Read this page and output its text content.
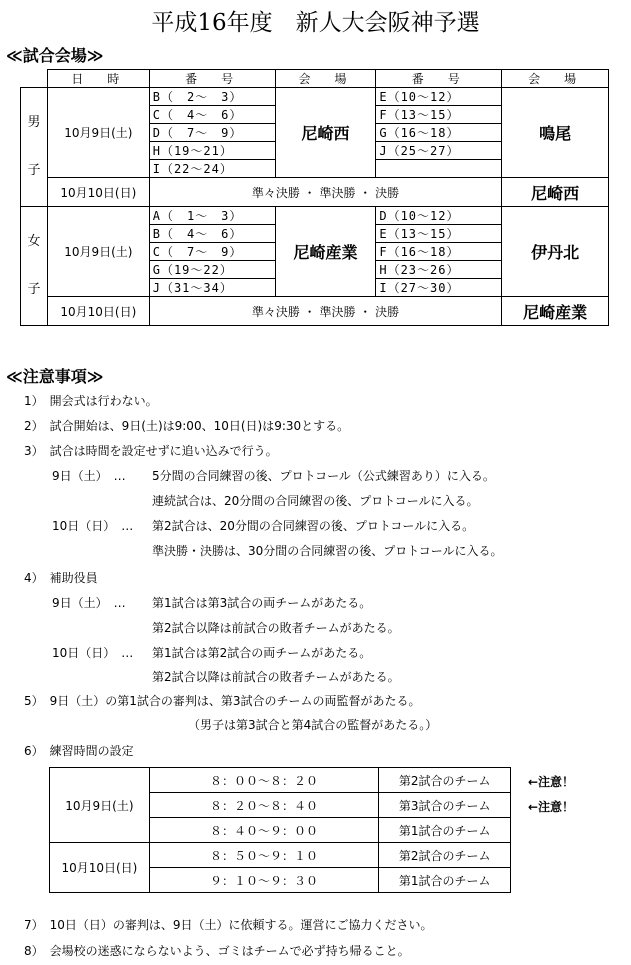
平成16年度　新人大会阪神予選
≪試合会場≫
	日　時	番　号	会　場	番　号	会　場

男
子	10月9日(土)	B（　2～　3）	尼崎西	E（10～12）	鳴尾
		C（　4～　6）		F（13～15）	
		D（　7～　9）		G（16～18）	
		H（19～21）		J（25～27）	
		I（22～24）			
	10月10日(日)	準々決勝 ・ 準決勝 ・ 決勝			尼崎西

女
子	10月9日(土)	A（　1～　3）	尼崎産業	D（10～12）	伊丹北
		B（　4～　6）		E（13～15）	
		C（　7～　9）		F（16～18）	
		G（19～22）		H（23～26）	
		J（31～34）		I（27～30）	
	10月10日(日)	準々決勝 ・ 準決勝 ・ 決勝			尼崎産業
≪注意事項≫
1）　開会式は行わない。
2）　試合開始は、9日(土)は9:00、10日(日)は9:30とする。
3）　試合は時間を設定せずに追い込みで行う。
9日（土）　… 5分間の合同練習の後、プロトコール（公式練習あり）に入る。
連続試合は、20分間の合同練習の後、プロトコールに入る。
10日（日）　… 第2試合は、20分間の合同練習の後、プロトコールに入る。
準決勝・決勝は、30分間の合同練習の後、プロトコールに入る。
4）　補助役員
9日（土）　… 第1試合は第3試合の両チームがあたる。
第2試合以降は前試合の敗者チームがあたる。
10日（日）　… 第1試合は第2試合の両チームがあたる。
第2試合以降は前試合の敗者チームがあたる。
5）　9日（土）の第1試合の審判は、第3試合のチームの両監督があたる。
（男子は第3試合と第4試合の監督があたる。）
6）　練習時間の設定
10月9日(土)	８：００～８：２０	第2試合のチーム
	８：２０～８：４０	第3試合のチーム
	８：４０～９：００	第1試合のチーム
10月10日(日)	８：５０～９：１０	第2試合のチーム
	９：１０～９：３０	第1試合のチーム
←注意！
←注意！
7）　10日（日）の審判は、9日（土）に依頼する。運営にご協力ください。
8）　会場校の迷惑にならないよう、ゴミはチームで必ず持ち帰ること。
